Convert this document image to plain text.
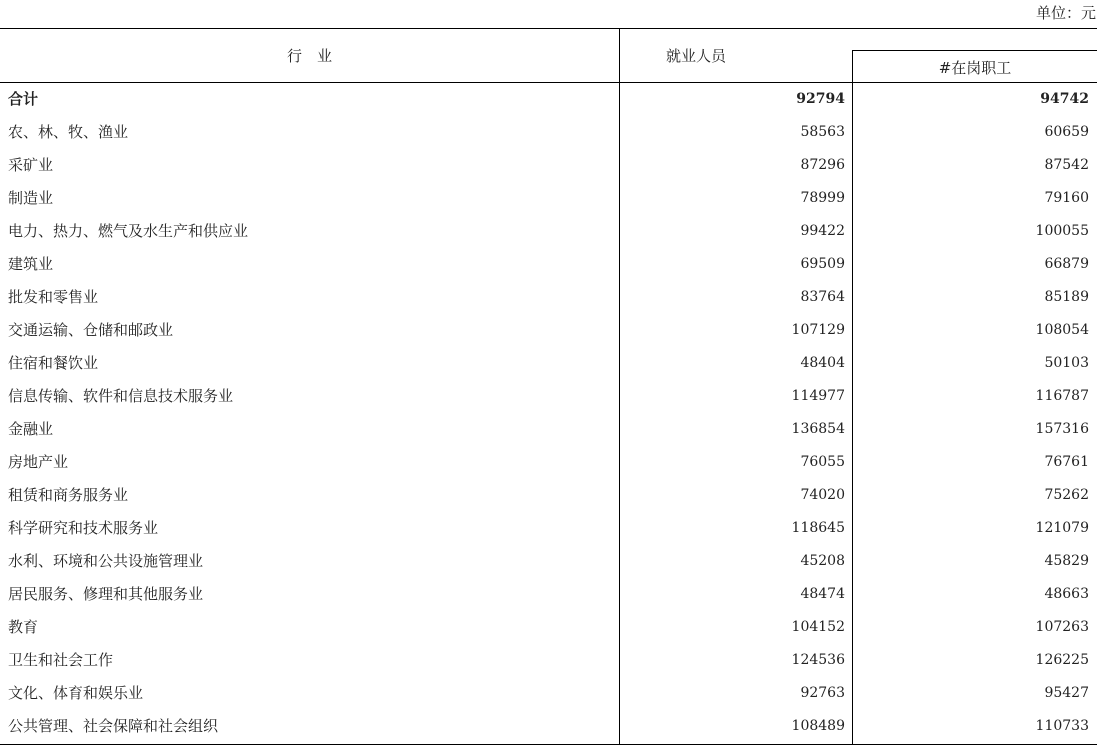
单位：元
行　业	就业人员
#在岗职工
合计	92794	94742
农、林、牧、渔业	58563	60659
采矿业	87296	87542
制造业	78999	79160
电力、热力、燃气及水生产和供应业	99422	100055
建筑业	69509	66879
批发和零售业	83764	85189
交通运输、仓储和邮政业	107129	108054
住宿和餐饮业	48404	50103
信息传输、软件和信息技术服务业	114977	116787
金融业	136854	157316
房地产业	76055	76761
租赁和商务服务业	74020	75262
科学研究和技术服务业	118645	121079
水利、环境和公共设施管理业	45208	45829
居民服务、修理和其他服务业	48474	48663
教育	104152	107263
卫生和社会工作	124536	126225
文化、体育和娱乐业	92763	95427
公共管理、社会保障和社会组织	108489	110733
